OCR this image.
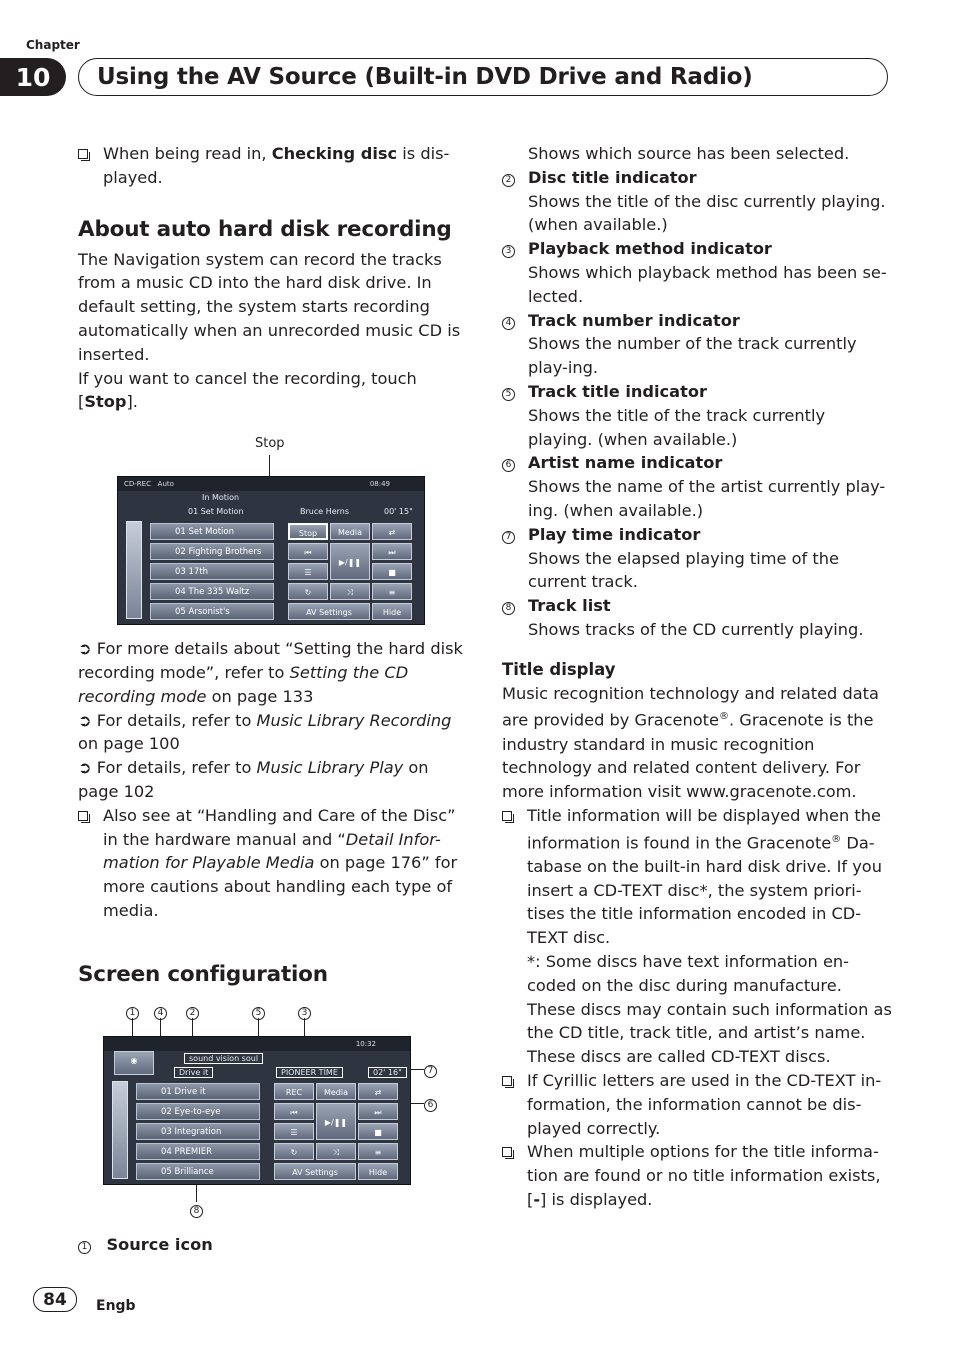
Chapter
10	Using the AV Source (Built-in DVD Drive and Radio)
When being read in, Checking disc is dis-played.
About auto hard disk recording

The Navigation system can record the tracks from a music CD into the hard disk drive. In default setting, the system starts recording automatically when an unrecorded music CD is inserted.

If you want to cancel the recording, touch [Stop].

➲ For more details about “Setting the hard disk recording mode”, refer to Setting the CD recording mode on page 133

➲ For details, refer to Music Library Recording on page 100

➲ For details, refer to Music Library Play on page 102

Also see at “Handling and Care of the Disc” in the hardware manual and “Detail Infor-mation for Playable Media on page 176” for more cautions about handling each type of media.
Screen configuration
Stop
CD-REC Auto	08:49
In Motion
01 Set Motion	Bruce Herns	00' 15"
01 Set Motion
02 Fighting Brothers
03 17th
04 The 335 Waltz
05 Arsonist's
Stop	Media	⇄
⏮
▶/❚❚
⏭
☰	■
↻	⤨	≡
AV Settings	Hide
1	4	2	5	3
7
6
8
10:32
◉	sound vision soul
Drive it	PIONEER TIME	02' 16"
01 Drive it
02 Eye-to-eye
03 Integration
04 PREMIER
05 Brilliance
REC	Media	⇄
⏮
▶/❚❚
⏭
☰	■
↻	⤨	≡
AV Settings	Hide
1 Source icon

Shows which source has been selected.

2	Disc title indicator

Shows the title of the disc currently playing. (when available.)

3	Playback method indicator

Shows which playback method has been se-lected.

4	Track number indicator

Shows the number of the track currently play-ing.

5	Track title indicator

Shows the title of the track currently playing. (when available.)

6	Artist name indicator

Shows the name of the artist currently play-ing. (when available.)

7	Play time indicator

Shows the elapsed playing time of the current track.

8	Track list

Shows tracks of the CD currently playing.

Title display

Music recognition technology and related data are provided by Gracenote®. Gracenote is the industry standard in music recognition technology and related content delivery. For more information visit www.gracenote.com.

Title information will be displayed when the information is found in the Gracenote® Da-tabase on the built-in hard disk drive. If you insert a CD-TEXT disc*, the system priori-tises the title information encoded in CD-TEXT disc.

*: Some discs have text information en-coded on the disc during manufacture. These discs may contain such information as the CD title, track title, and artist’s name. These discs are called CD-TEXT discs.

If Cyrillic letters are used in the CD-TEXT in-formation, the information cannot be dis-played correctly.
When multiple options for the title informa-tion are found or no title information exists, [-] is displayed.
84	Engb
